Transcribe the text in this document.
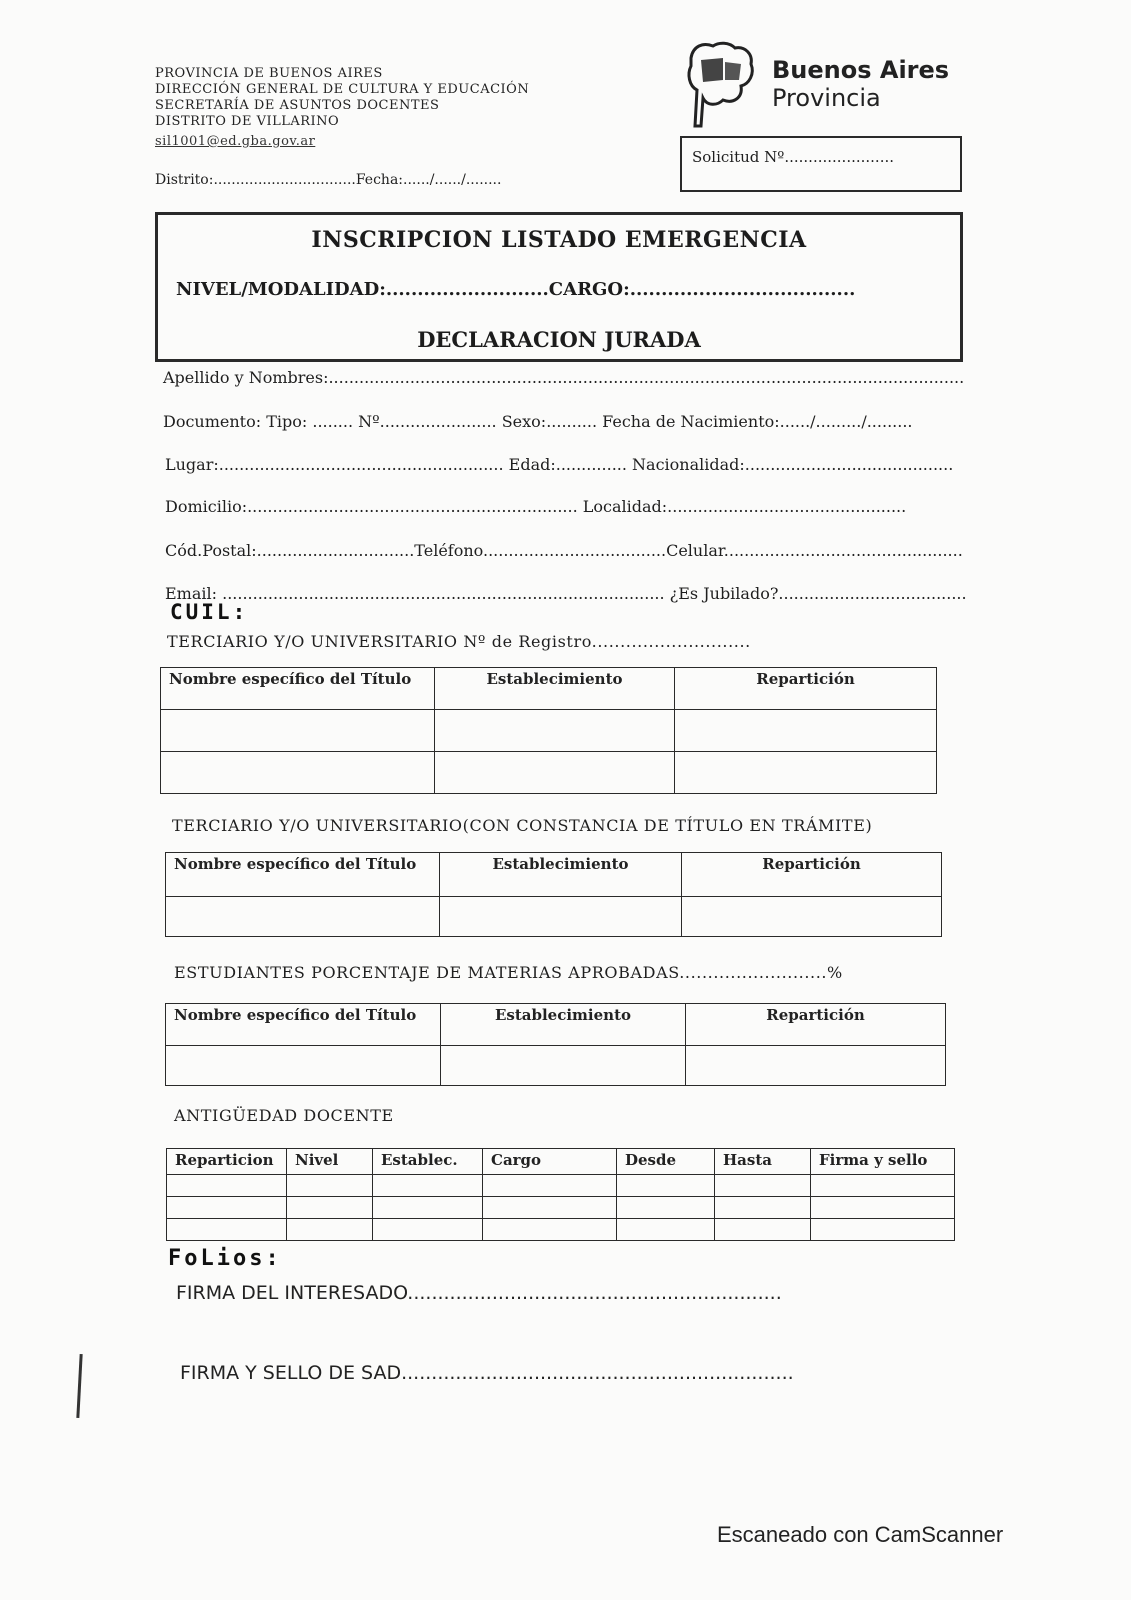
PROVINCIA DE BUENOS AIRES
DIRECCIÓN GENERAL DE CULTURA Y EDUCACIÓN
SECRETARÍA DE ASUNTOS DOCENTES
DISTRITO DE VILLARINO
sil1001@ed.gba.gov.ar
Distrito:................................Fecha:....../....../........
Buenos Aires
Provincia
Solicitud Nº.......................
INSCRIPCION LISTADO EMERGENCIA
NIVEL/MODALIDAD:..........................CARGO:....................................
DECLARACION JURADA
Apellido y Nombres:.............................................................................................................................
Documento: Tipo: ........ Nº....................... Sexo:.......... Fecha de Nacimiento:....../........./.........
Lugar:........................................................ Edad:.............. Nacionalidad:.........................................
Domicilio:................................................................. Localidad:...............................................
Cód.Postal:...............................Teléfono....................................Celular...............................................
Email: ....................................................................................... ¿Es Jubilado?.....................................
CUIL:
TERCIARIO Y/O UNIVERSITARIO Nº de Registro............................
Nombre específico del Título	Establecimiento	Repartición

TERCIARIO Y/O UNIVERSITARIO(CON CONSTANCIA DE TÍTULO EN TRÁMITE)
Nombre específico del Título	Establecimiento	Repartición

ESTUDIANTES PORCENTAJE DE MATERIAS APROBADAS..........................%
Nombre específico del Título	Establecimiento	Repartición

ANTIGÜEDAD DOCENTE
Reparticion	Nivel	Establec.	Cargo	Desde	Hasta	Firma y sello

FoLios:
FIRMA DEL INTERESADO..............................................................
FIRMA Y SELLO DE SAD.................................................................
Escaneado con CamScanner
